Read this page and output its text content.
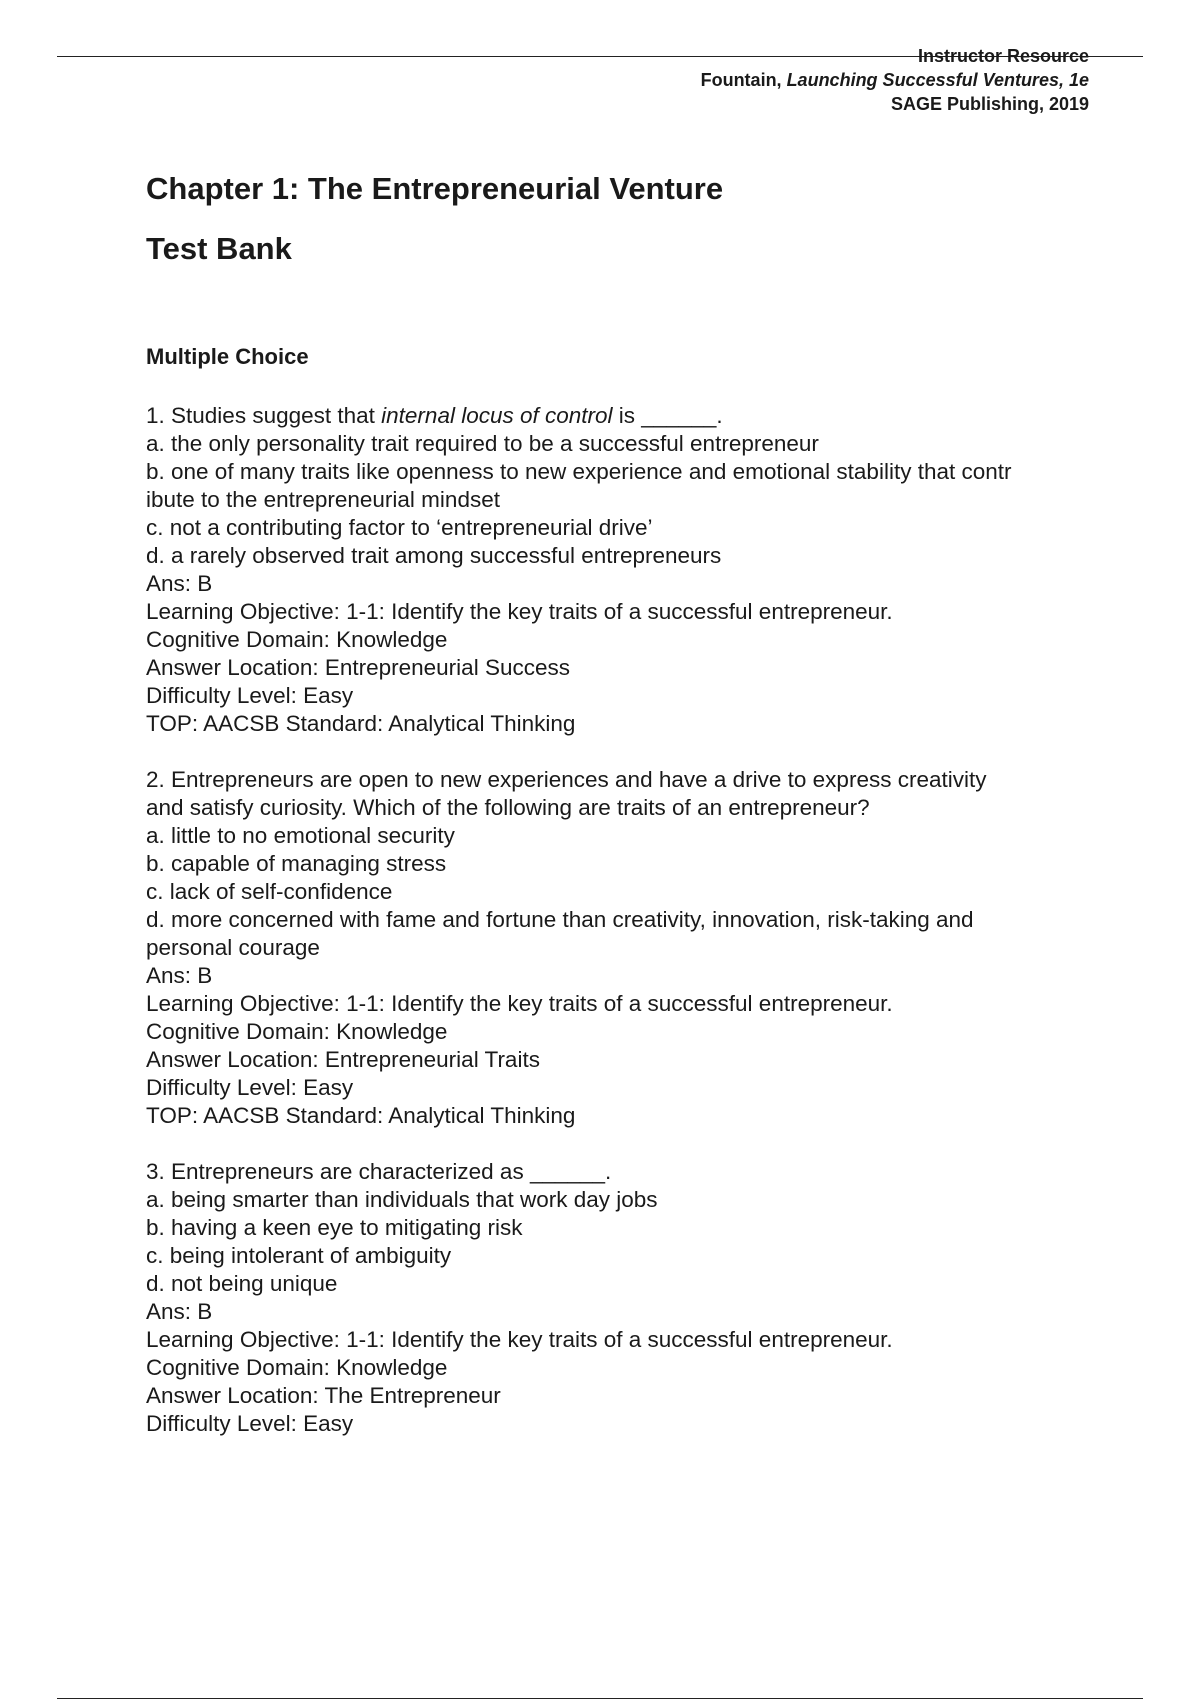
Instructor Resource
Fountain, Launching Successful Ventures, 1e
SAGE Publishing, 2019
Chapter 1: The Entrepreneurial Venture
Test Bank
Multiple Choice

1. Studies suggest that internal locus of control is ______.

a. the only personality trait required to be a successful entrepreneur

b. one of many traits like openness to new experience and emotional stability that contr

ibute to the entrepreneurial mindset

c. not a contributing factor to ‘entrepreneurial drive’

d. a rarely observed trait among successful entrepreneurs

Ans: B

Learning Objective: 1-1: Identify the key traits of a successful entrepreneur.

Cognitive Domain: Knowledge

Answer Location: Entrepreneurial Success

Difficulty Level: Easy

TOP: AACSB Standard: Analytical Thinking

2. Entrepreneurs are open to new experiences and have a drive to express creativity

and satisfy curiosity. Which of the following are traits of an entrepreneur?

a. little to no emotional security

b. capable of managing stress

c. lack of self-confidence

d. more concerned with fame and fortune than creativity, innovation, risk-taking and

personal courage

Ans: B

Learning Objective: 1-1: Identify the key traits of a successful entrepreneur.

Cognitive Domain: Knowledge

Answer Location: Entrepreneurial Traits

Difficulty Level: Easy

TOP: AACSB Standard: Analytical Thinking

3. Entrepreneurs are characterized as ______.

a. being smarter than individuals that work day jobs

b. having a keen eye to mitigating risk

c. being intolerant of ambiguity

d. not being unique

Ans: B

Learning Objective: 1-1: Identify the key traits of a successful entrepreneur.

Cognitive Domain: Knowledge

Answer Location: The Entrepreneur

Difficulty Level: Easy
